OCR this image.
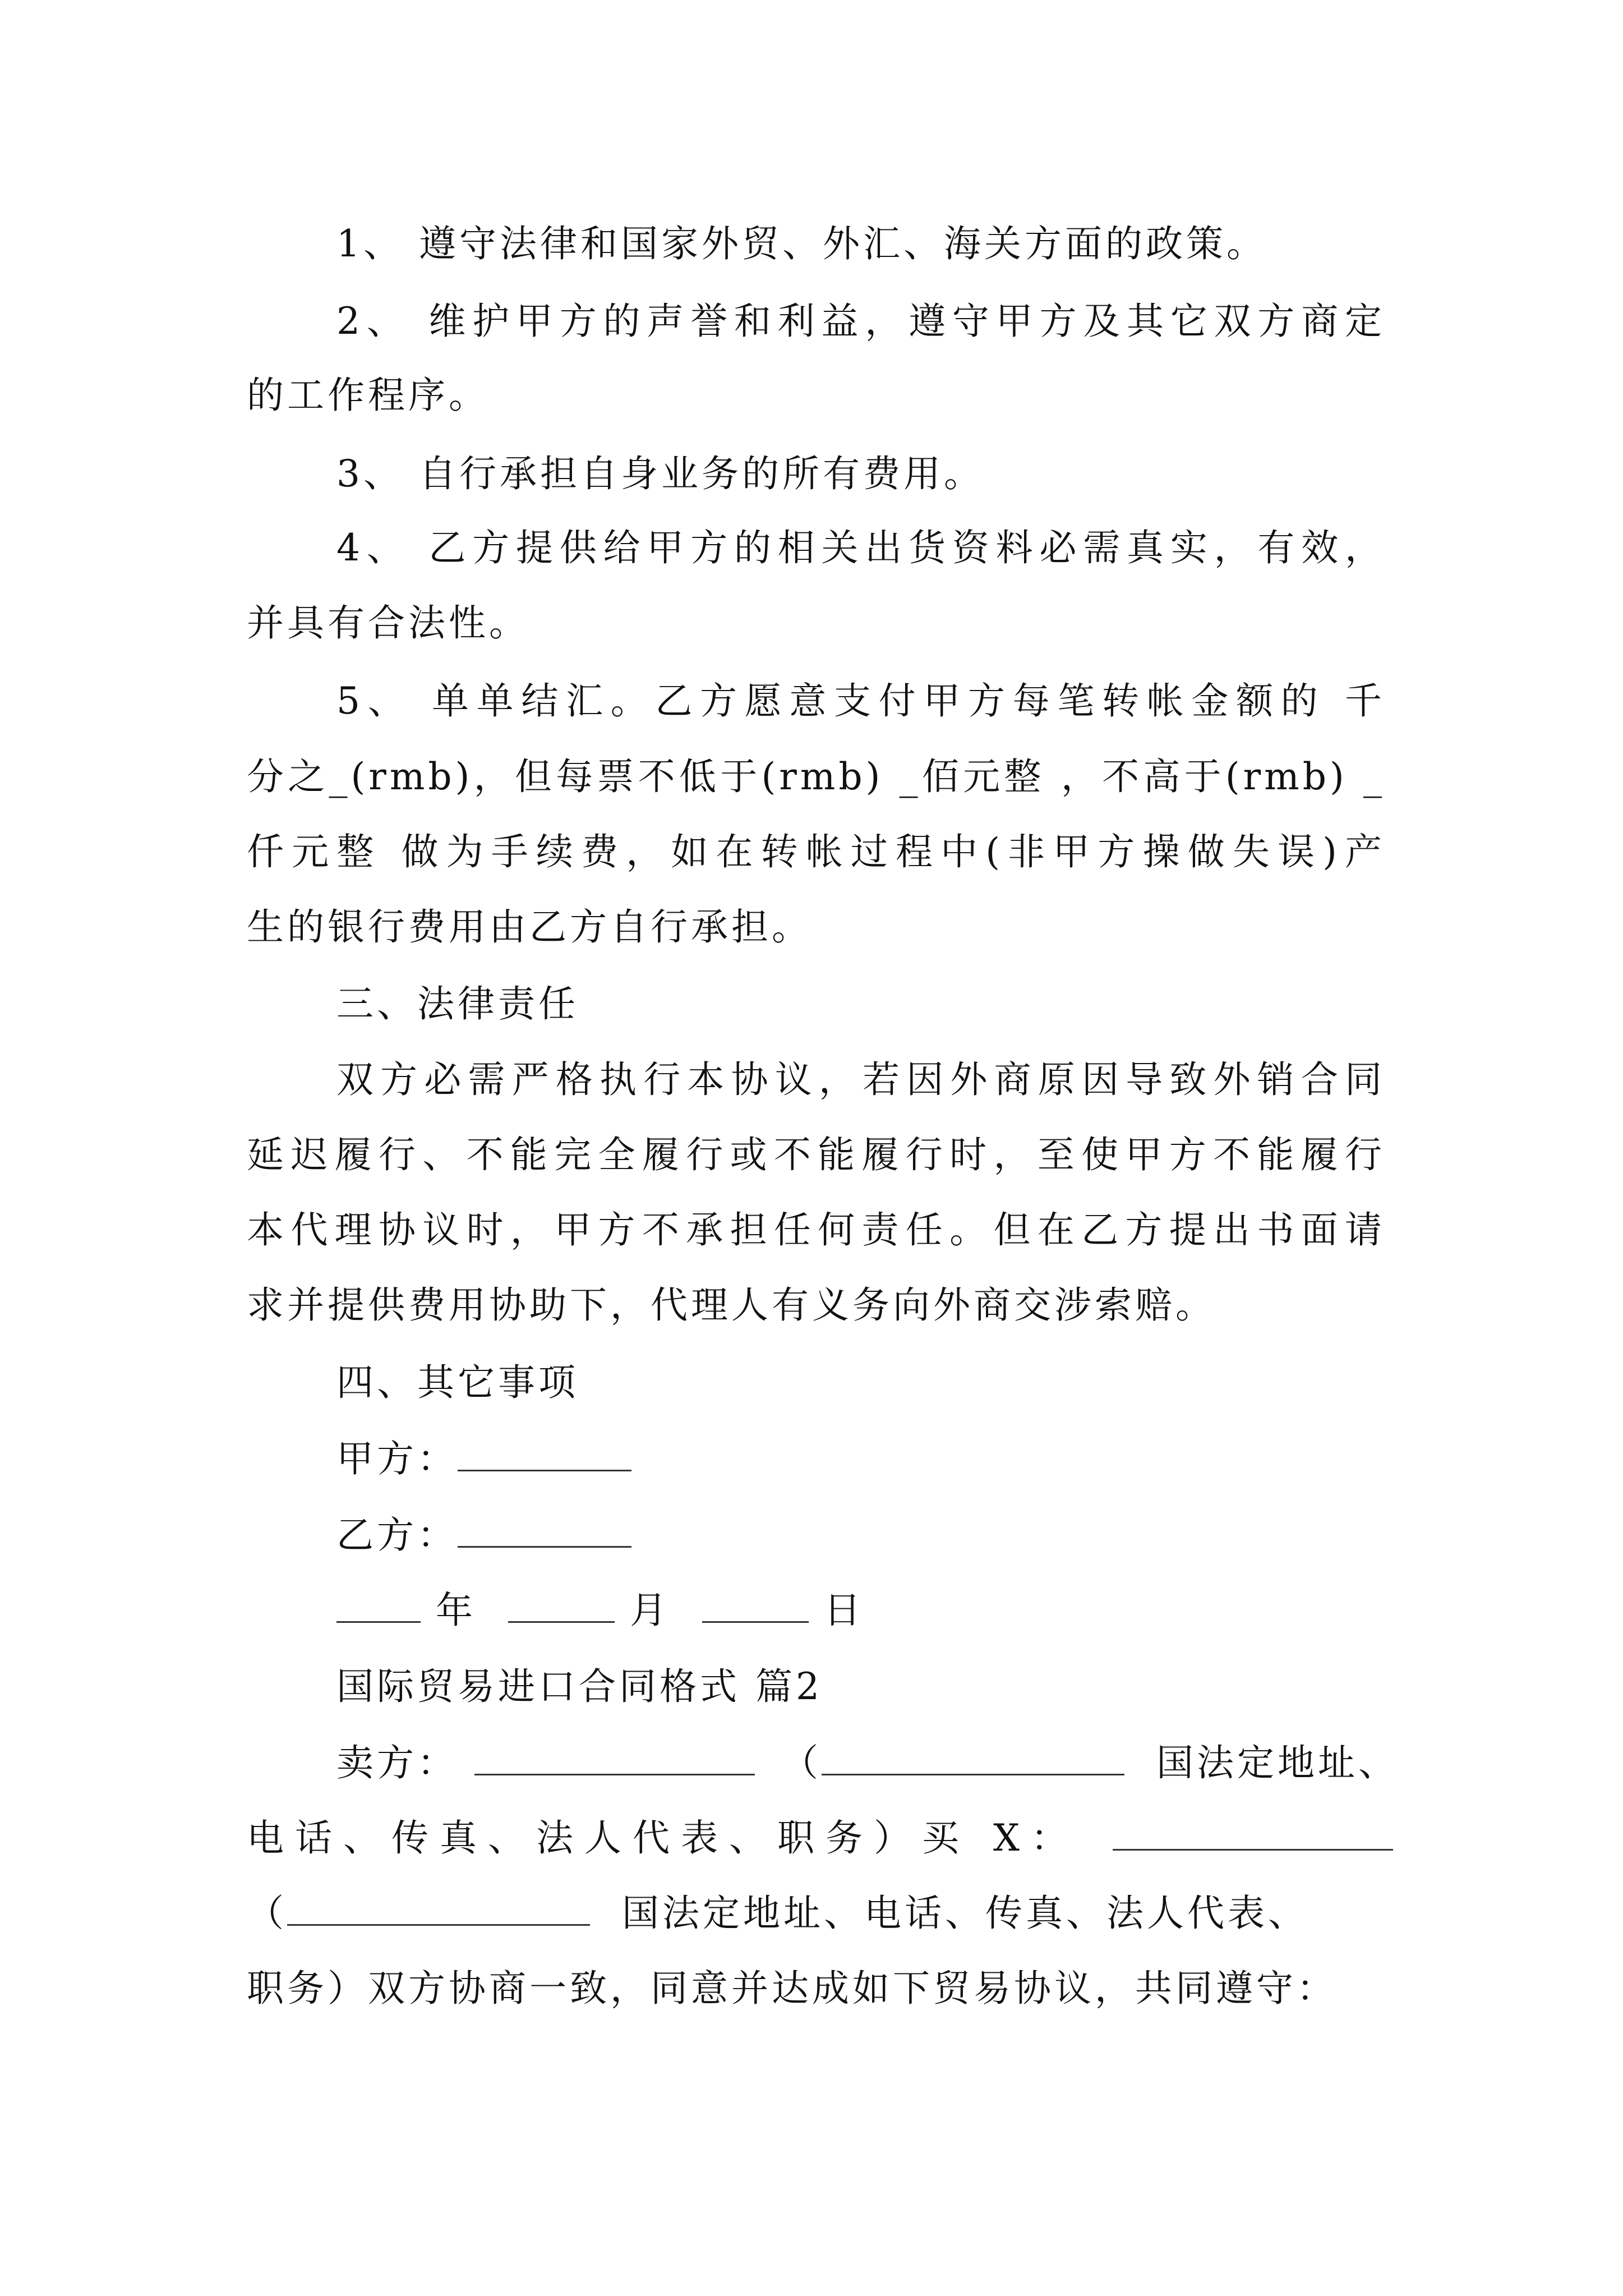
1、 遵守法律和国家外贸、外汇、海关方面的政策。
2、 维护甲方的声誉和利益，遵守甲方及其它双方商定
的工作程序。
3、 自行承担自身业务的所有费用。
4、 乙方提供给甲方的相关出货资料必需真实，有效，
并具有合法性。
5、 单单结汇。乙方愿意支付甲方每笔转帐金额的 千
分之_(rmb)，但每票不低于(rmb) _佰元整 ，不高于(rmb) _
仟元整 做为手续费，如在转帐过程中(非甲方操做失误)产
生的银行费用由乙方自行承担。
三、法律责任
双方必需严格执行本协议，若因外商原因导致外销合同
延迟履行、不能完全履行或不能履行时，至使甲方不能履行
本代理协议时，甲方不承担任何责任。但在乙方提出书面请
求并提供费用协助下，代理人有义务向外商交涉索赔。
四、其它事项
甲方：
乙方：
年	月	日
国际贸易进口合同格式 篇2
卖方：	（	国法定地址、
电话、传真、法人代表、职务）买 X：
（	国法定地址、电话、传真、法人代表、
职务）双方协商一致，同意并达成如下贸易协议，共同遵守：
